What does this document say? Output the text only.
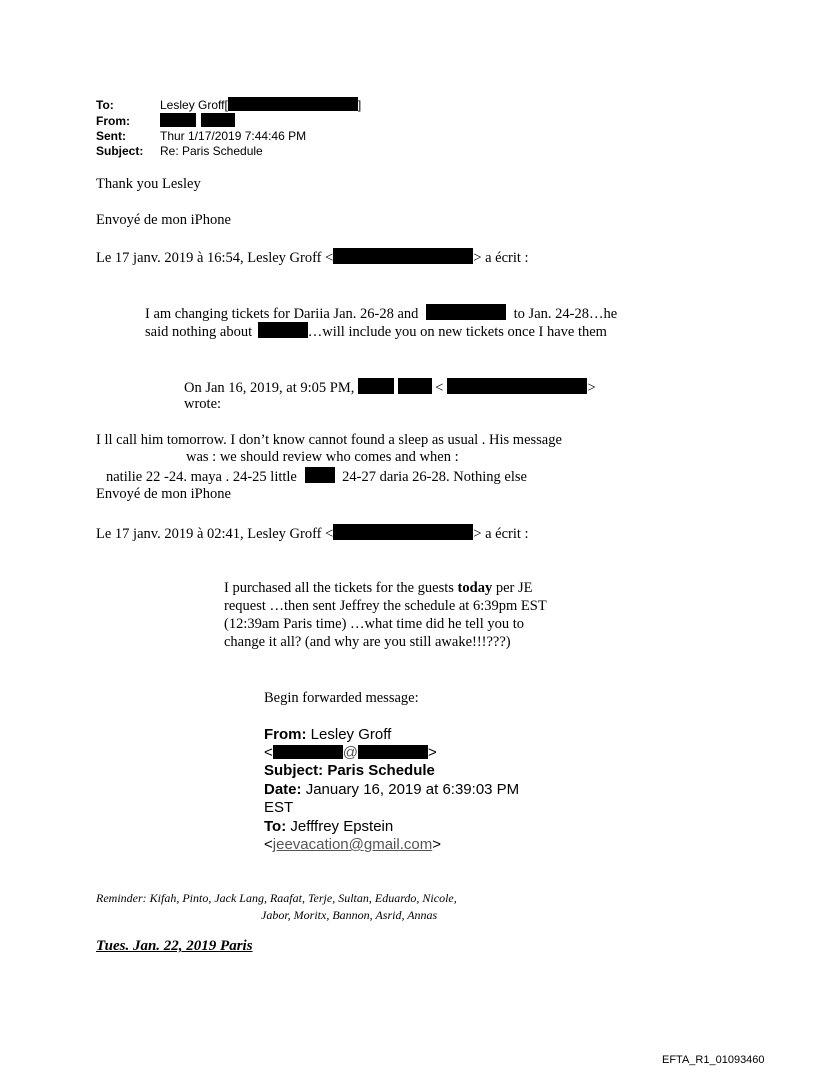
To:	Lesley Groff[	]
From:

Sent:	Thur 1/17/2019 7:44:46 PM
Subject: Re: Paris Schedule
Thank you Lesley
Envoyé de mon iPhone
Le 17 janv. 2019 à 16:54, Lesley Groff <	> a écrit :
I am changing tickets for Dariia Jan. 26-28 and	to Jan. 24-28…he
said nothing about	…will include you on new tickets once I have them
On Jan 16, 2019, at 9:05 PM,	<	>
wrote:
I ll call him tomorrow. I don’t know cannot found a sleep as usual . His message
was : we should review who comes and when :
natilie 22 -24. maya . 24-25 little	24-27 daria 26-28. Nothing else
Envoyé de mon iPhone
Le 17 janv. 2019 à 02:41, Lesley Groff <	> a écrit :
I purchased all the tickets for the guests today per JE
request …then sent Jeffrey the schedule at 6:39pm EST
(12:39am Paris time) …what time did he tell you to
change it all? (and why are you still awake!!!???)
Begin forwarded message:
From: Lesley Groff
<	@	>
Subject: Paris Schedule
Date: January 16, 2019 at 6:39:03 PM
EST
To: Jefffrey Epstein
<jeevacation@gmail.com>
Reminder: Kifah, Pinto, Jack Lang, Raafat, Terje, Sultan, Eduardo, Nicole,
Jabor, Moritx, Bannon, Asrid, Annas
Tues. Jan. 22, 2019 Paris
EFTA_R1_01093460
